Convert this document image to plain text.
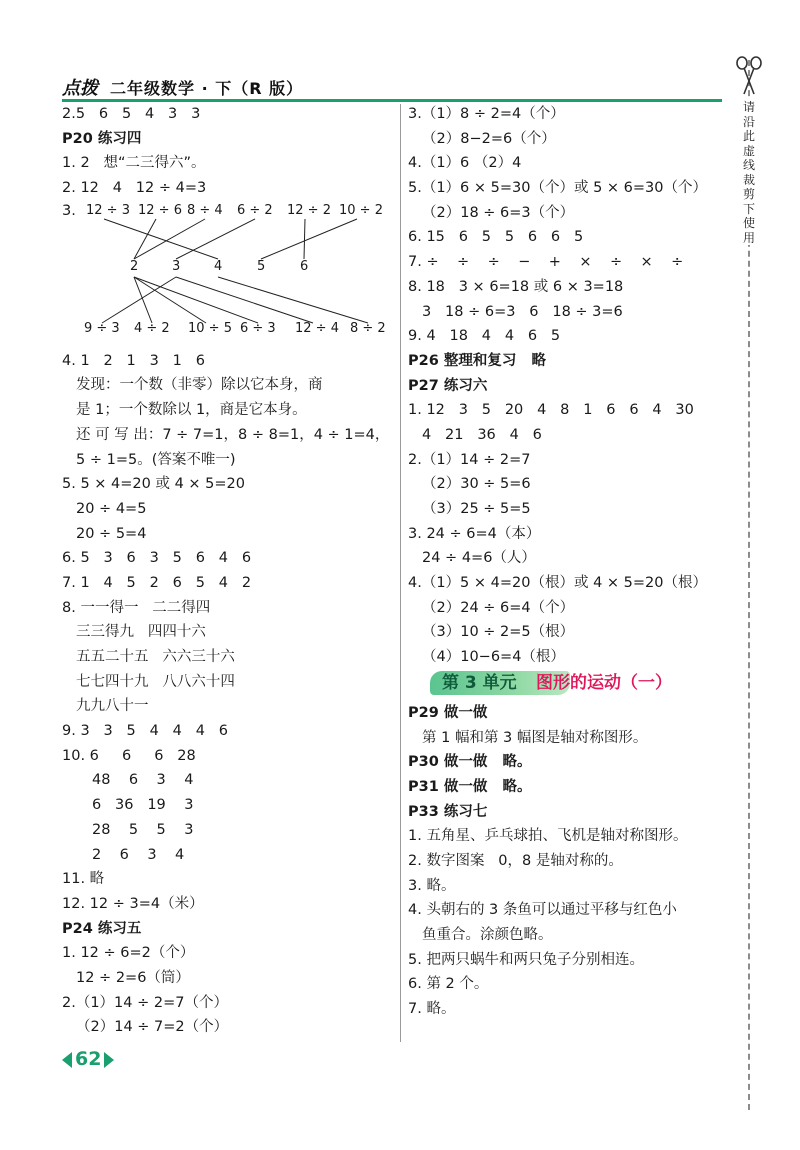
点拨 二年级数学 · 下（R 版）
2.5   6   5   4   3   3
P20 练习四
1. 2   想“二三得六”。
2. 12   4   12 ÷ 4=3
3. 12 ÷ 3 12 ÷ 6 8 ÷ 4 6 ÷ 2 12 ÷ 2 10 ÷ 2
2	3	4	5	6
9 ÷ 3 4 ÷ 2 10 ÷ 5 6 ÷ 3 12 ÷ 4 8 ÷ 2
4. 1   2   1   3   1   6
发现：一个数（非零）除以它本身，商
是 1；一个数除以 1，商是它本身。
还 可 写 出：7 ÷ 7=1，8 ÷ 8=1，4 ÷ 1=4，
5 ÷ 1=5。(答案不唯一)
5. 5 × 4=20 或 4 × 5=20
20 ÷ 4=5
20 ÷ 5=4
6. 5   3   6   3   5   6   4   6
7. 1   4   5   2   6   5   4   2
8. 一一得一   二二得四
三三得九   四四十六
五五二十五   六六三十六
七七四十九   八八六十四
九九八十一
9. 3   3   5   4   4   4   6
10. 6     6     6   28
48    6    3    4
6   36   19    3
28    5    5    3
2    6    3    4
11. 略
12. 12 ÷ 3=4（米）
P24 练习五
1. 12 ÷ 6=2（个）
12 ÷ 2=6（筒）
2.（1）14 ÷ 2=7（个）
（2）14 ÷ 7=2（个）
3.（1）8 ÷ 2=4（个）
（2）8−2=6（个）
4.（1）6 （2）4
5.（1）6 × 5=30（个）或 5 × 6=30（个）
（2）18 ÷ 6=3（个）
6. 15   6   5   5   6   6   5
7. ÷    ÷    ÷    −    +    ×    ÷    ×    ÷
8. 18   3 × 6=18 或 6 × 3=18
3   18 ÷ 6=3   6   18 ÷ 3=6
9. 4   18   4   4   6   5
P26 整理和复习   略
P27 练习六
1. 12   3   5   20   4   8   1   6   6   4   30
4   21   36   4   6
2.（1）14 ÷ 2=7
（2）30 ÷ 5=6
（3）25 ÷ 5=5
3. 24 ÷ 6=4（本）
24 ÷ 4=6（人）
4.（1）5 × 4=20（根）或 4 × 5=20（根）
（2）24 ÷ 6=4（个）
（3）10 ÷ 2=5（根）
（4）10−6=4（根）
第 3 单元 图形的运动（一）
P29 做一做
第 1 幅和第 3 幅图是轴对称图形。
P30 做一做   略。
P31 做一做   略。
P33 练习七
1. 五角星、乒乓球拍、飞机是轴对称图形。
2. 数字图案   0，8 是轴对称的。
3. 略。
4. 头朝右的 3 条鱼可以通过平移与红色小
鱼重合。涂颜色略。
5. 把两只蜗牛和两只兔子分别相连。
6. 第 2 个。
7. 略。
62
请沿此虚线裁剪下使用
